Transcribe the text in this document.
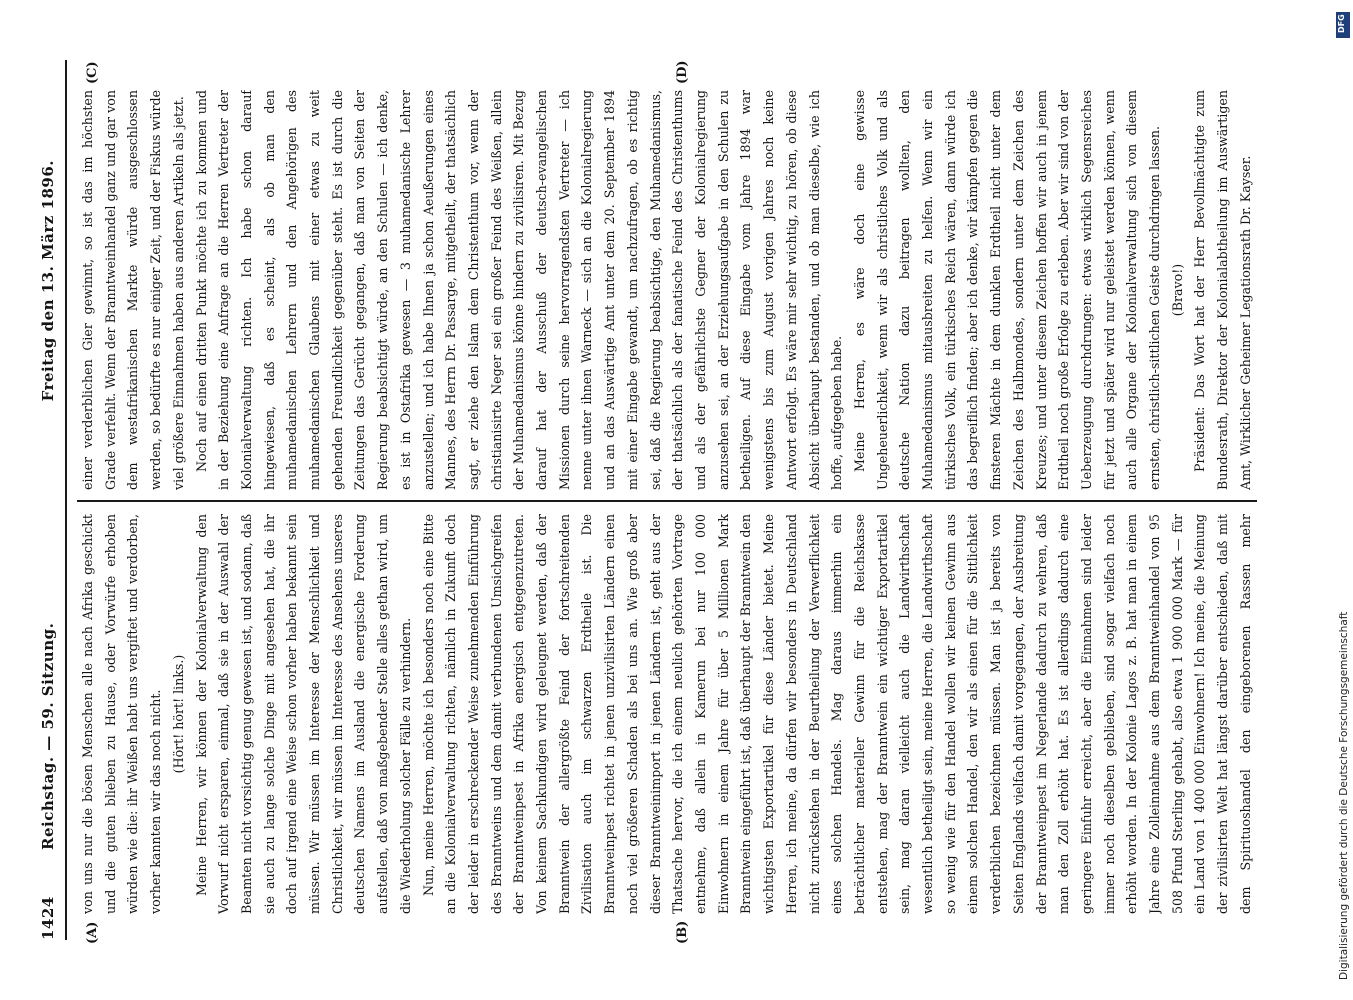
1424
Reichstag. — 59. Sitzung.
Freitag den 13. März 1896.
(A)	(B)
(C)	(D)

von uns nur die bösen Menschen alle nach Afrika geschickt und die guten blieben zu Hause, oder Vorwürfe erhoben würden wie die: ihr Weißen habt uns vergiftet und verdorben, vorher kannten wir das noch nicht. (Hört! hört! links.) Meine Herren, wir können der Kolonialverwaltung den Vorwurf nicht ersparen, einmal, daß sie in der Auswahl der Beamten nicht vorsichtig genug gewesen ist, und sodann, daß sie auch zu lange solche Dinge mit angesehen hat, die ihr doch auf irgend eine Weise schon vorher haben bekannt sein müssen. Wir müssen im Interesse der Menschlichkeit und Christlichkeit, wir müssen im Interesse des Ansehens unseres deutschen Namens im Ausland die energische Forderung aufstellen, daß von maßgebender Stelle alles gethan wird, um die Wiederholung solcher Fälle zu verhindern. Nun, meine Herren, möchte ich besonders noch eine Bitte an die Kolonialverwaltung richten, nämlich in Zukunft doch der leider in erschreckender Weise zunehmenden Einführung des Branntweins und dem damit verbundenen Umsichgreifen der Branntweinpest in Afrika energisch entgegenzutreten. Von keinem Sachkundigen wird geleugnet werden, daß der Branntwein der allergrößte Feind der fortschreitenden Zivilisation auch im schwarzen Erdtheile ist. Die Branntweinpest richtet in jenen unzivilisirten Ländern einen noch viel größeren Schaden als bei uns an. Wie groß aber dieser Branntweinimport in jenen Ländern ist, geht aus der Thatsache hervor, die ich einem neulich gehörten Vortrage entnehme, daß allein in Kamerun bei nur 100 000 Einwohnern in einem Jahre für über 5 Millionen Mark Branntwein eingeführt ist, daß überhaupt der Branntwein den wichtigsten Exportartikel für diese Länder bietet. Meine Herren, ich meine, da dürfen wir besonders in Deutschland nicht zurückstehen in der Beurtheilung der Verwerflichkeit eines solchen Handels. Mag daraus immerhin ein beträchtlicher materieller Gewinn für die Reichskasse entstehen, mag der Branntwein ein wichtiger Exportartikel sein, mag daran vielleicht auch die Landwirthschaft wesentlich betheiligt sein, meine Herren, die Landwirthschaft so wenig wie für den Handel wollen wir keinen Gewinn aus einem solchen Handel, den wir als einen für die Sittlichkeit verderblichen bezeichnen müssen. Man ist ja bereits von Seiten Englands vielfach damit vorgegangen, der Ausbreitung der Branntweinpest im Negerlande dadurch zu wehren, daß man den Zoll erhöht hat. Es ist allerdings dadurch eine geringere Einfuhr erreicht, aber die Einnahmen sind leider immer noch dieselben geblieben, sind sogar vielfach noch erhöht worden. In der Kolonie Lagos z. B. hat man in einem Jahre eine Zolleinnahme aus dem Branntweinhandel von 95 508 Pfund Sterling gehabt, also etwa 1 900 000 Mark — für ein Land von 1 400 000 Einwohnern! Ich meine, die Meinung der zivilisirten Welt hat längst darüber entschieden, daß mit dem Spirituoshandel den eingeborenen Rassen mehr

einer verderblichen Gier gewinnt, so ist das im höchsten Grade verfehlt. Wenn der Branntweinhandel ganz und gar von dem westafrikanischen Markte würde ausgeschlossen werden, so bedürfte es nur einiger Zeit, und der Fiskus würde viel größere Einnahmen haben aus anderen Artikeln als jetzt. Noch auf einen dritten Punkt möchte ich zu kommen und in der Beziehung eine Anfrage an die Herren Vertreter der Kolonialverwaltung richten. Ich habe schon darauf hingewiesen, daß es scheint, als ob man den muhamedanischen Lehrern und den Angehörigen des muhamedanischen Glaubens mit einer etwas zu weit gehenden Freundlichkeit gegenüber steht. Es ist durch die Zeitungen das Gerücht gegangen, daß man von Seiten der Regierung beabsichtigt würde, an den Schulen — ich denke, es ist in Ostafrika gewesen — 3 muhamedanische Lehrer anzustellen; und ich habe Ihnen ja schon Aeußerungen eines Mannes, des Herrn Dr. Passarge, mitgetheilt, der thatsächlich sagt, er ziehe den Islam dem Christenthum vor, wenn der christianisirte Neger sei ein großer Feind des Weißen, allein der Muhamedanismus könne hindern zu zivilisiren. Mit Bezug darauf hat der Ausschuß der deutsch-evangelischen Missionen durch seine hervorragendsten Vertreter — ich nenne unter ihnen Warneck — sich an die Kolonialregierung und an das Auswärtige Amt unter dem 20. September 1894 mit einer Eingabe gewandt, um nachzufragen, ob es richtig sei, daß die Regierung beabsichtige, den Muhamedanismus, der thatsächlich als der fanatische Feind des Christenthums und als der gefährlichste Gegner der Kolonialregierung anzusehen sei, an der Erziehungsaufgabe in den Schulen zu betheiligen. Auf diese Eingabe vom Jahre 1894 war wenigstens bis zum August vorigen Jahres noch keine Antwort erfolgt. Es wäre mir sehr wichtig, zu hören, ob diese Absicht überhaupt bestanden, und ob man dieselbe, wie ich hoffe, aufgegeben habe. Meine Herren, es wäre doch eine gewisse Ungeheuerlichkeit, wenn wir als christliches Volk und als deutsche Nation dazu beitragen wollten, den Muhamedanismus mitausbreiten zu helfen. Wenn wir ein türkisches Volk, ein türkisches Reich wären, dann würde ich das begreiflich finden; aber ich denke, wir kämpfen gegen die finsteren Mächte in dem dunklen Erdtheil nicht unter dem Zeichen des Halbmondes, sondern unter dem Zeichen des Kreuzes; und unter diesem Zeichen hoffen wir auch in jenem Erdtheil noch große Erfolge zu erleben. Aber wir sind von der Ueberzeugung durchdrungen: etwas wirklich Segensreiches für jetzt und später wird nur geleistet werden können, wenn auch alle Organe der Kolonialverwaltung sich von diesem ernsten, christlich-sittlichen Geiste durchdringen lassen. (Bravo!) Präsident: Das Wort hat der Herr Bevollmächtigte zum Bundesrath, Direktor der Kolonialabtheilung im Auswärtigen Amt, Wirklicher Geheimer Legationsrath Dr. Kayser.

DFG
Digitalisierung gefördert durch die Deutsche Forschungsgemeinschaft
